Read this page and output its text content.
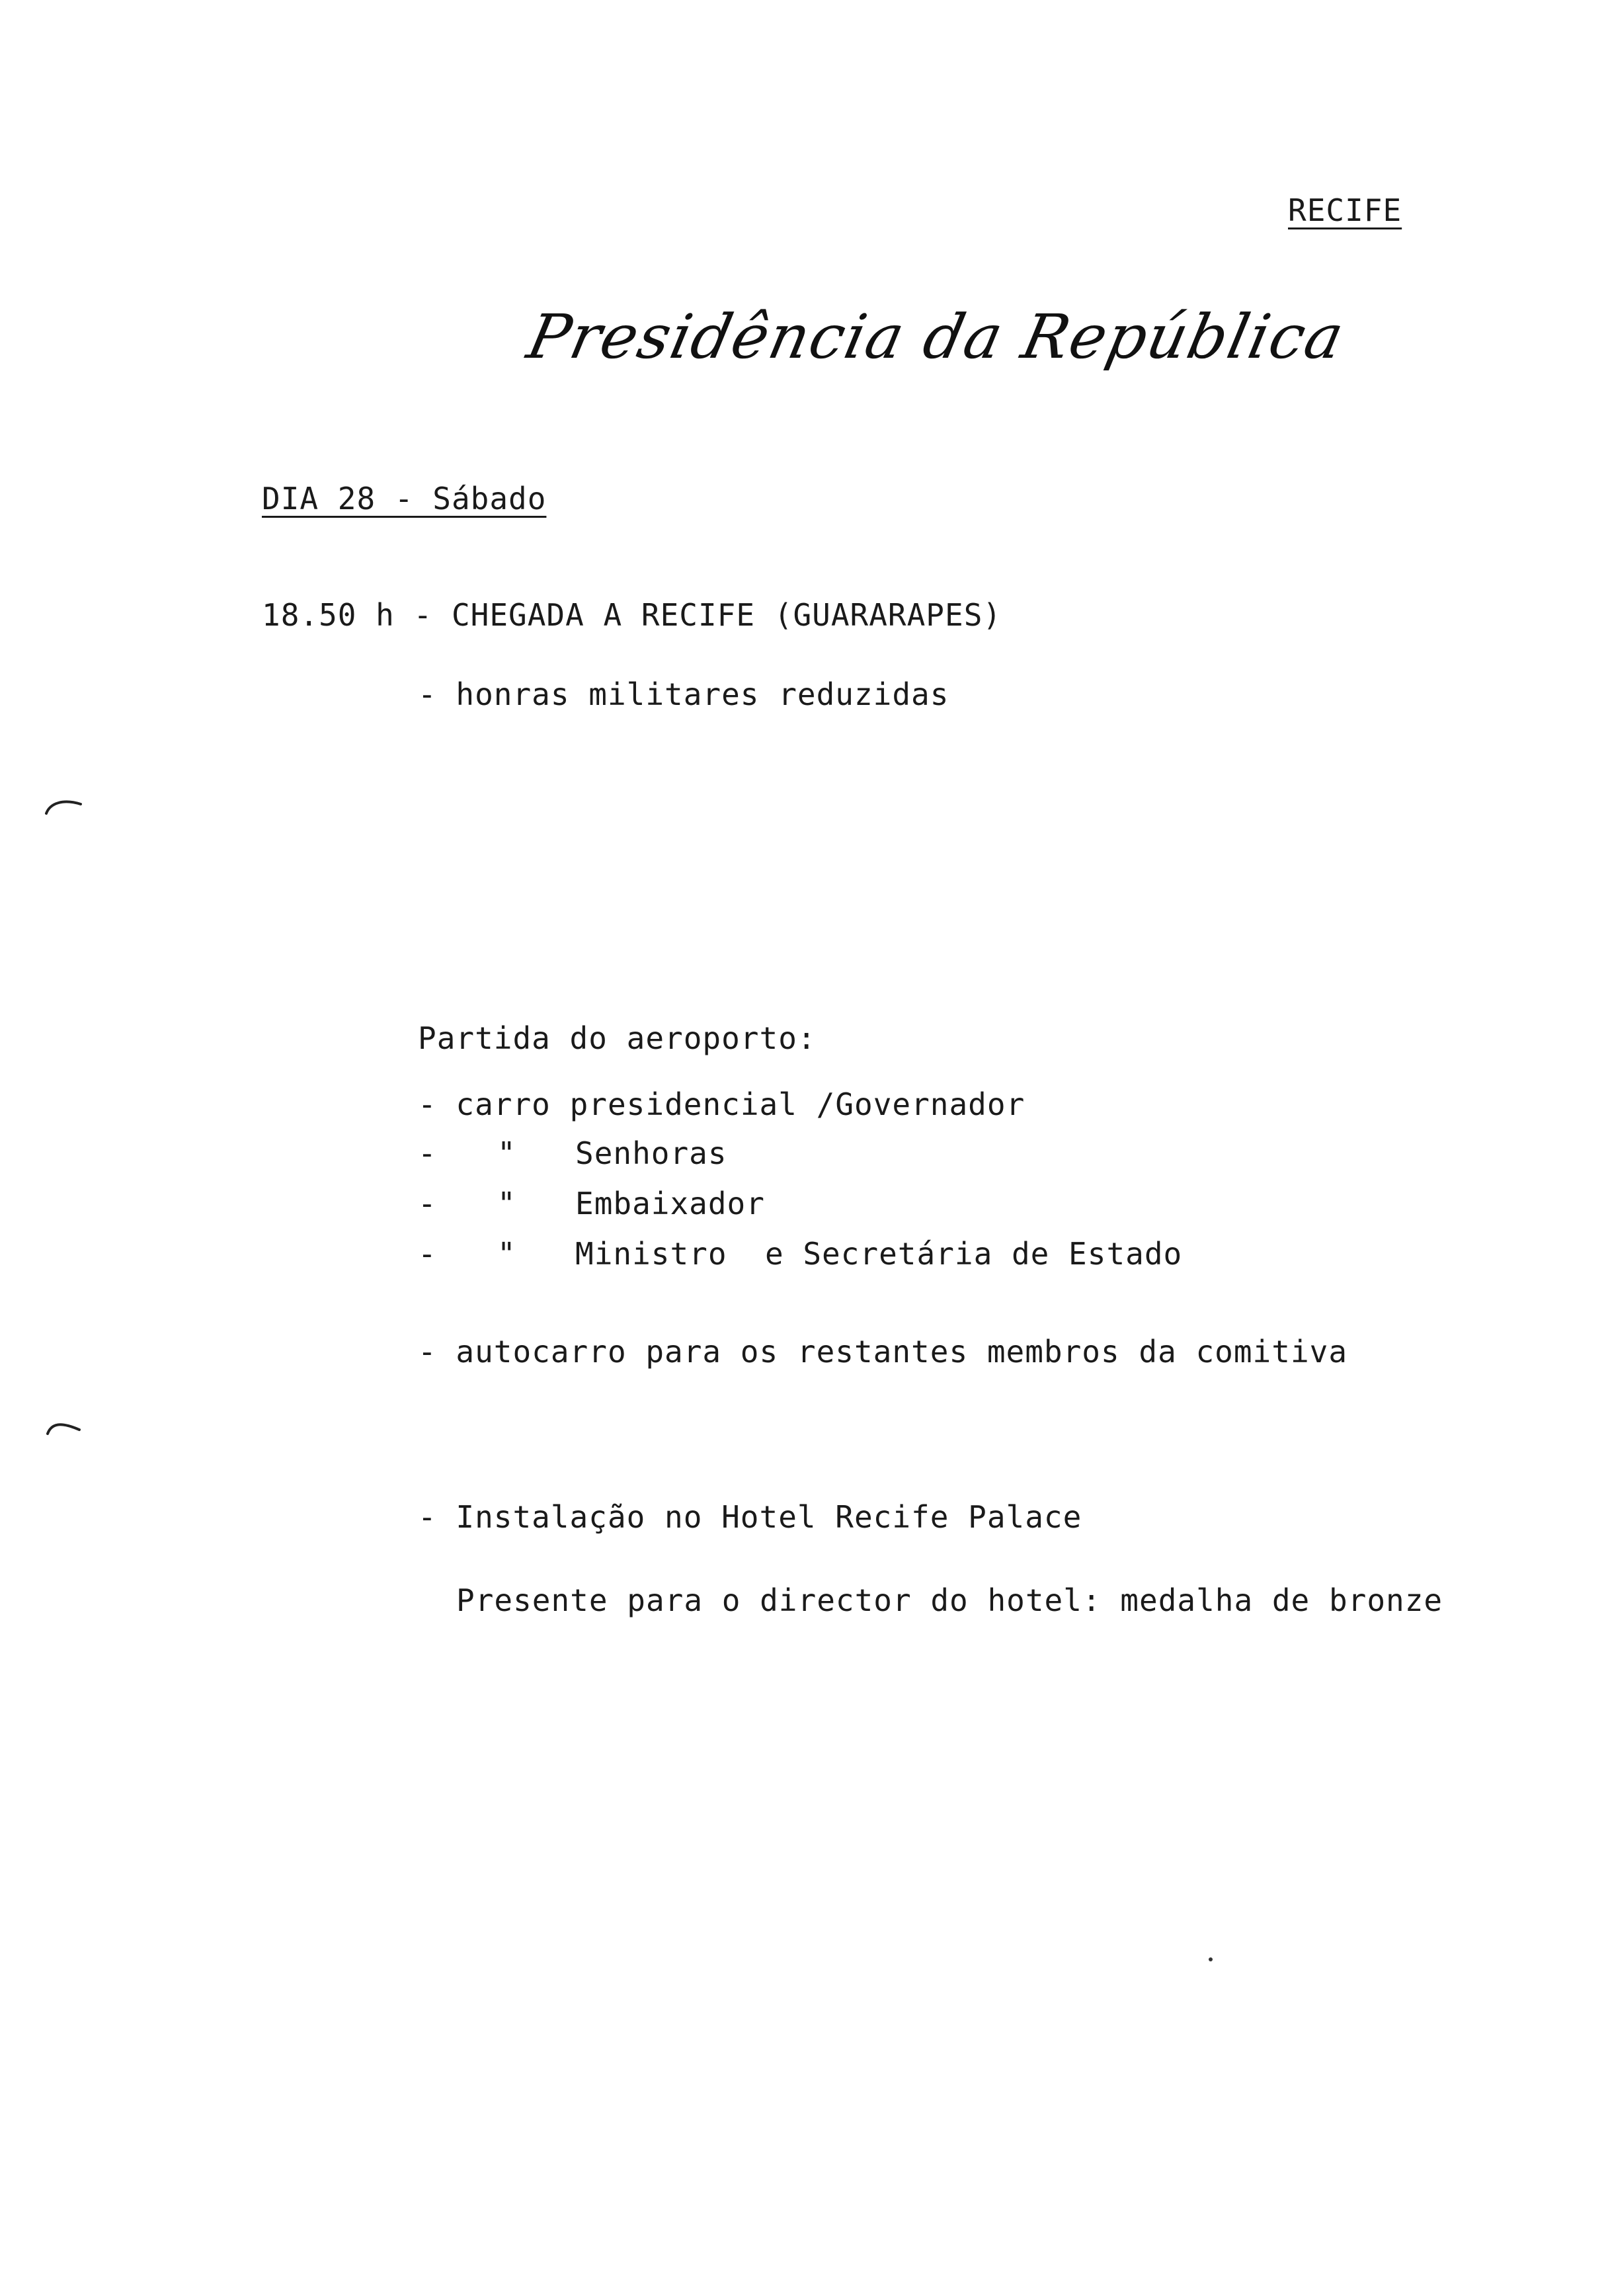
RECIFE
Presidência da República
DIA 28 - Sábado
18.50 h - CHEGADA A RECIFE (GUARARAPES)
- honras militares reduzidas
Partida do aeroporto:
- carro presidencial /Governador
- " Senhoras
- " Embaixador
- " Ministro  e Secretária de Estado
- autocarro para os restantes membros da comitiva
- Instalação no Hotel Recife Palace
Presente para o director do hotel: medalha de bronze
